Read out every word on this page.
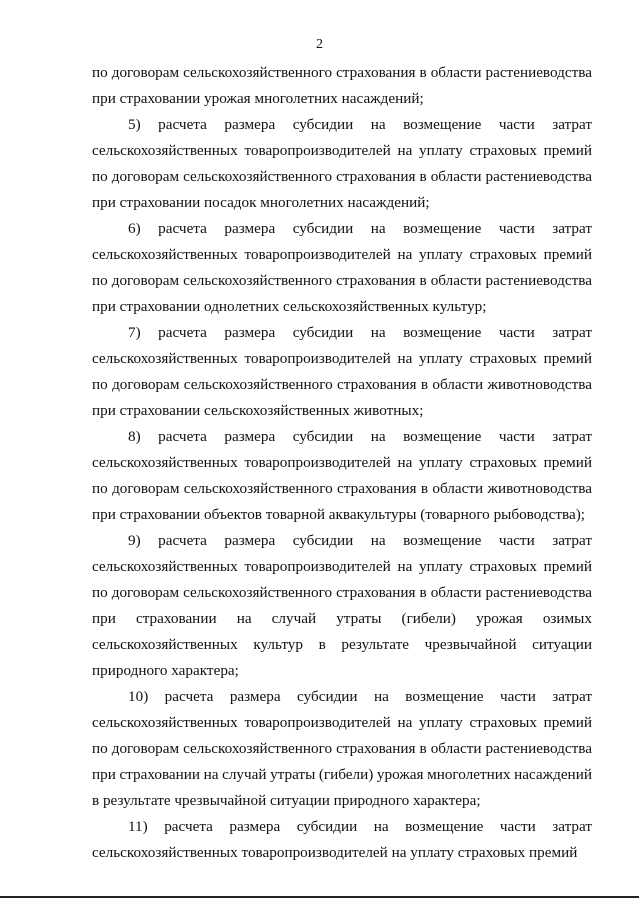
2
по договорам сельскохозяйственного страхования в области растениеводства
при страховании урожая многолетних насаждений;
5) расчета размера субсидии на возмещение части затрат
сельскохозяйственных товаропроизводителей на уплату страховых премий
по договорам сельскохозяйственного страхования в области растениеводства
при страховании посадок многолетних насаждений;
6) расчета размера субсидии на возмещение части затрат
сельскохозяйственных товаропроизводителей на уплату страховых премий
по договорам сельскохозяйственного страхования в области растениеводства
при страховании однолетних сельскохозяйственных культур;
7) расчета размера субсидии на возмещение части затрат
сельскохозяйственных товаропроизводителей на уплату страховых премий
по договорам сельскохозяйственного страхования в области животноводства
при страховании сельскохозяйственных животных;
8) расчета размера субсидии на возмещение части затрат
сельскохозяйственных товаропроизводителей на уплату страховых премий
по договорам сельскохозяйственного страхования в области животноводства
при страховании объектов товарной аквакультуры (товарного рыбоводства);
9) расчета размера субсидии на возмещение части затрат
сельскохозяйственных товаропроизводителей на уплату страховых премий
по договорам сельскохозяйственного страхования в области растениеводства
при страховании на случай утраты (гибели) урожая озимых
сельскохозяйственных культур в результате чрезвычайной ситуации
природного характера;
10) расчета размера субсидии на возмещение части затрат
сельскохозяйственных товаропроизводителей на уплату страховых премий
по договорам сельскохозяйственного страхования в области растениеводства
при страховании на случай утраты (гибели) урожая многолетних насаждений
в результате чрезвычайной ситуации природного характера;
11) расчета размера субсидии на возмещение части затрат
сельскохозяйственных товаропроизводителей на уплату страховых премий
